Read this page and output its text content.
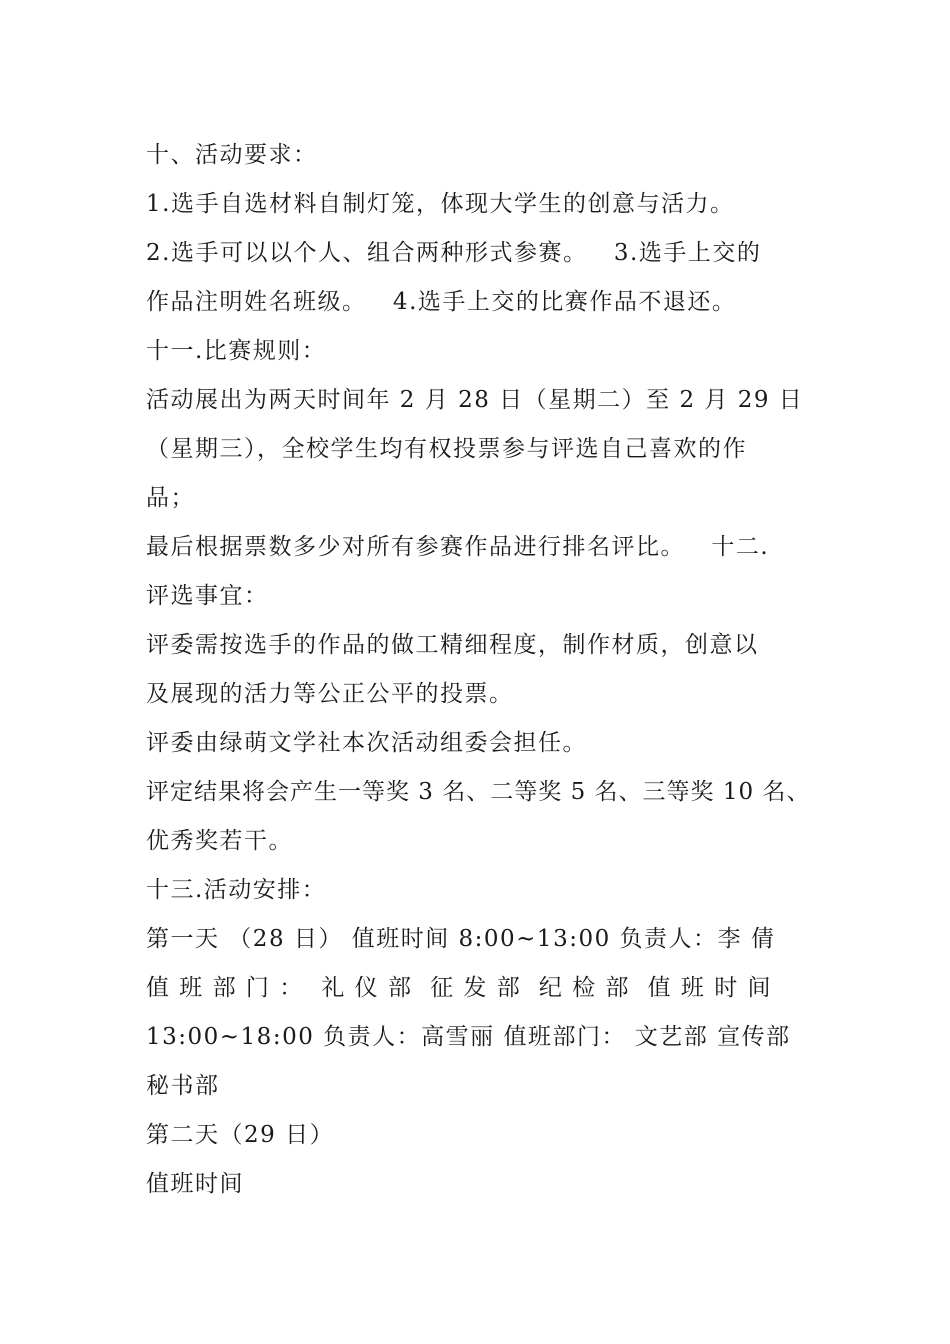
十、活动要求：
1.选手自选材料自制灯笼，体现大学生的创意与活力。
2.选手可以以个人、组合两种形式参赛。   3.选手上交的
作品注明姓名班级。   4.选手上交的比赛作品不退还。
十一.比赛规则：
活动展出为两天时间年 2 月 28 日（星期二）至 2 月 29 日
（星期三），全校学生均有权投票参与评选自己喜欢的作
品；
最后根据票数多少对所有参赛作品进行排名评比。   十二.
评选事宜：
评委需按选手的作品的做工精细程度，制作材质，创意以
及展现的活力等公正公平的投票。
评委由绿萌文学社本次活动组委会担任。
评定结果将会产生一等奖 3 名、二等奖 5 名、三等奖 10 名、
优秀奖若干。
十三.活动安排：
第一天 （28 日） 值班时间 8:00~13:00 负责人：李 倩
值 班 部 门 ：  礼 仪 部  征 发 部  纪 检 部  值 班 时 间
13:00~18:00 负责人：高雪丽 值班部门： 文艺部 宣传部
秘书部
第二天（29 日）
值班时间
